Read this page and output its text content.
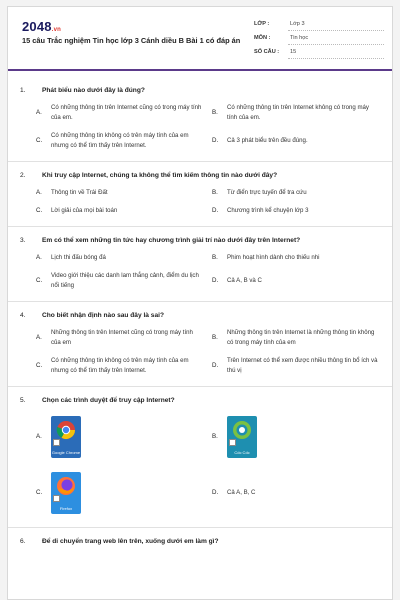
2048.vn
15 câu Trắc nghiệm Tin học lớp 3 Cánh diều B Bài 1 có đáp án
LỚP :	Lớp 3
MÔN :	Tin học
SỐ CÂU : 15
1.	Phát biểu nào dưới đây là đúng?
A.
Có những thông tin trên Internet cũng có trong máy tính của em.
B.
Có những thông tin trên Internet không có trong máy tính của em.
C.
Có những thông tin không có trên máy tính của em nhưng có thể tìm thấy trên Internet.
D. Cả 3 phát biểu trên đều đúng.
2.	Khi truy cập Internet, chúng ta không thể tìm kiếm thông tin nào dưới đây?
A. Thông tin về Trái Đất	B. Từ điển trực tuyến để tra cứu
C. Lời giải của mọi bài toán	D. Chương trình kể chuyện lớp 3
3.	Em có thể xem những tin tức hay chương trình giải trí nào dưới đây trên Internet?
A. Lịch thi đấu bóng đá	B. Phim hoạt hình dành cho thiếu nhi
C.
Video giới thiệu các danh lam thắng cảnh, điểm du lịch nổi tiếng
D. Cả A, B và C
4.	Cho biết nhận định nào sau đây là sai?
A.
Những thông tin trên Internet cũng có trong máy tính của em
B.
Những thông tin trên Internet là những thông tin không có trong máy tính của em
C.
Có những thông tin không có trên máy tính của em nhưng có thể tìm thấy trên Internet.
D.
Trên Internet có thể xem được nhiều thông tin bổ ích và thú vị
5.	Chọn các trình duyệt để truy cập Internet?
A.
Google Chrome
B.
Cốc Cốc
C.
Firefox
D. Cả A, B, C
6.	Để di chuyển trang web lên trên, xuống dưới em làm gì?
